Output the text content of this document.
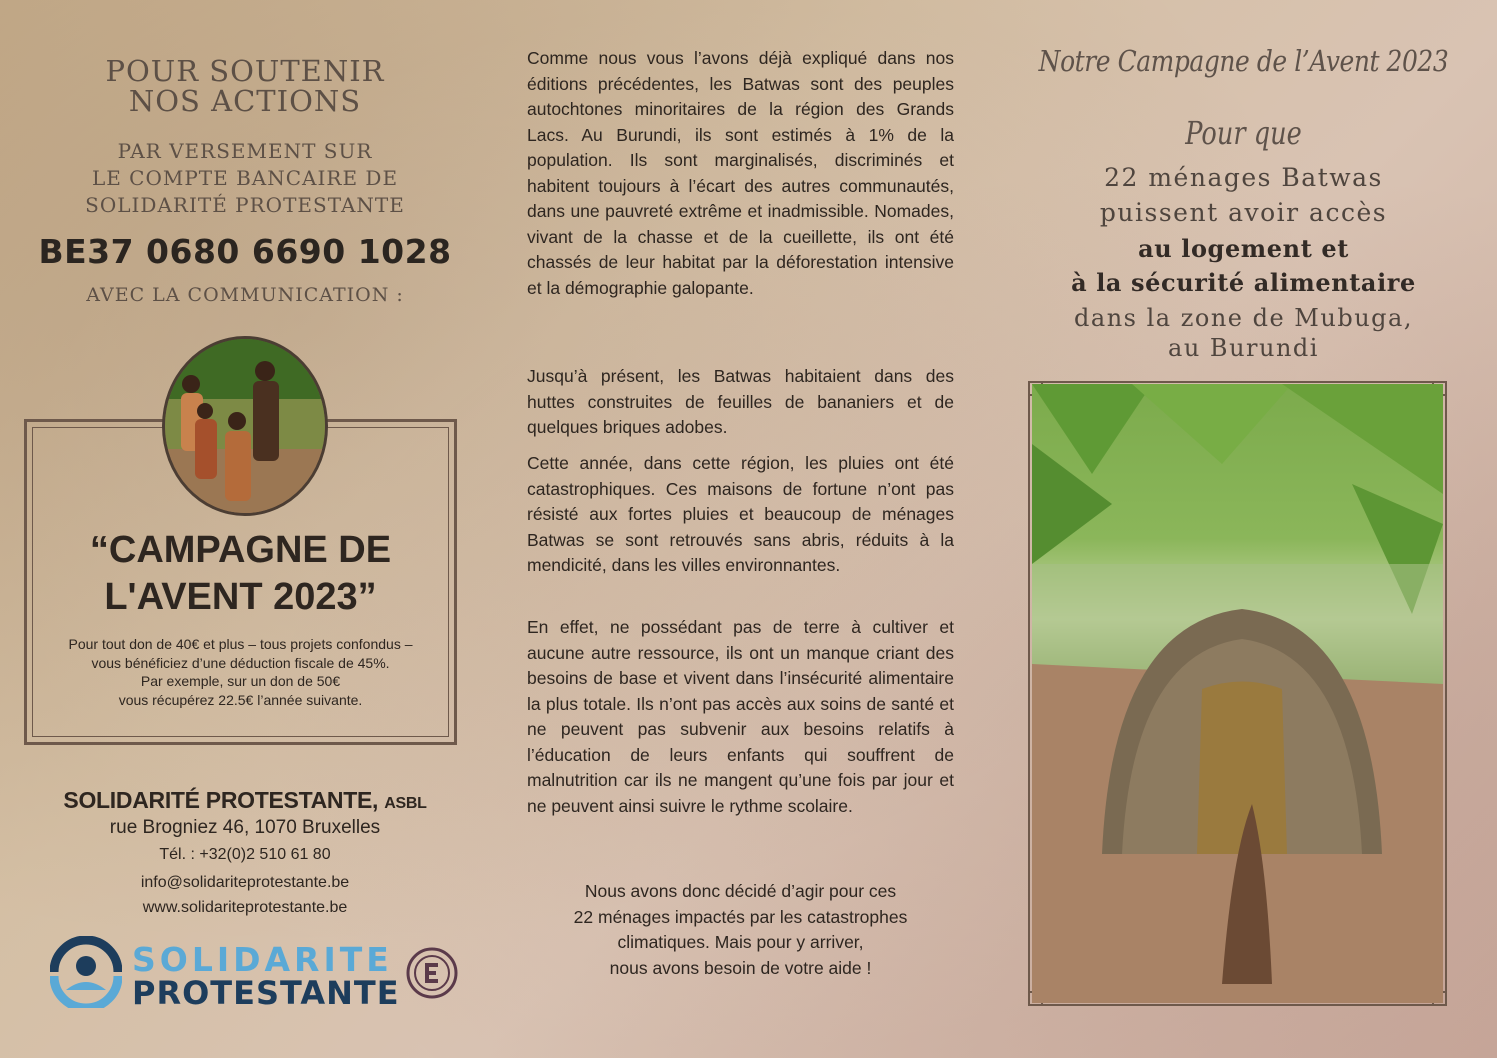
POUR SOUTENIR
NOS ACTIONS
PAR VERSEMENT SUR
LE COMPTE BANCAIRE DE
SOLIDARITÉ PROTESTANTE
BE37 0680 6690 1028
AVEC LA COMMUNICATION :
“CAMPAGNE DE
L'AVENT 2023”
Pour tout don de 40€ et plus – tous projets confondus –
vous bénéficiez d’une déduction fiscale de 45%.
Par exemple, sur un don de 50€
vous récupérez 22.5€ l’année suivante.
SOLIDARITÉ PROTESTANTE, ASBL
rue Brogniez 46, 1070 Bruxelles
Tél. : +32(0)2 510 61 80
info@solidariteprotestante.be
www.solidariteprotestante.be
SOLIDARITE
PROTESTANTE

Comme nous vous l’avons déjà expliqué dans nos éditions précédentes, les Batwas sont des peuples autochtones minoritaires de la région des Grands Lacs. Au Burundi, ils sont estimés à 1% de la population. Ils sont marginalisés, discriminés et habitent toujours à l’écart des autres communautés, dans une pauvreté extrême et inadmissible. Nomades, vivant de la chasse et de la cueillette, ils ont été chassés de leur habitat par la déforestation intensive et la démographie galopante.

Jusqu’à présent, les Batwas habitaient dans des huttes construites de feuilles de bananiers et de quelques briques adobes.

Cette année, dans cette région, les pluies ont été catastrophiques. Ces maisons de fortune n’ont pas résisté aux fortes pluies et beaucoup de ménages Batwas se sont retrouvés sans abris, réduits à la mendicité, dans les villes environnantes.

En effet, ne possédant pas de terre à cultiver et aucune autre ressource, ils ont un manque criant des besoins de base et vivent dans l’insécurité alimentaire la plus totale. Ils n’ont pas accès aux soins de santé et ne peuvent pas subvenir aux besoins relatifs à l’éducation de leurs enfants qui souffrent de malnutrition car ils ne mangent qu’une fois par jour et ne peuvent ainsi suivre le rythme scolaire.

Nous avons donc décidé d’agir pour ces
22 ménages impactés par les catastrophes
climatiques. Mais pour y arriver,
nous avons besoin de votre aide !

Notre Campagne de l’Avent 2023
Pour que
22 ménages Batwas
puissent avoir accès
au logement et
à la sécurité alimentaire
dans la zone de Mubuga,
au Burundi
